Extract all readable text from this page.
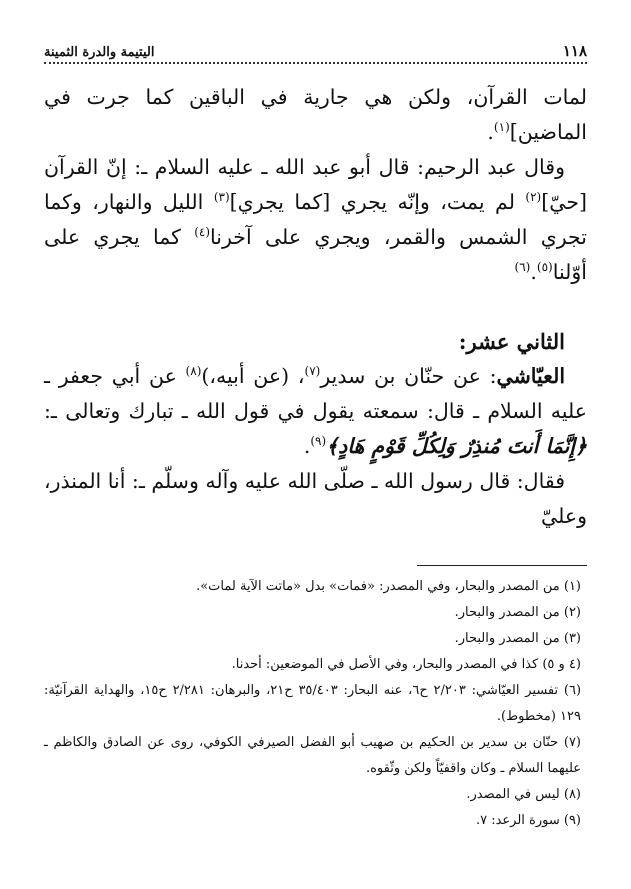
اليتيمة والدرة الثمينة	١١٨

لمات القرآن، ولكن هي جارية في الباقين كما جرت في الماضين]$^{(١)}$.

وقال عبد الرحيم: قال أبو عبد الله ـ عليه السلام ـ: إنّ القرآن [حيّ]$^{(٢)}$ لم يمت، وإنّه يجري [كما يجري]$^{(٣)}$ الليل والنهار، وكما تجري الشمس والقمر، ويجري على آخرنا$^{(٤)}$ كما يجري على أوّلنا$^{(٥)}$.$^{(٦)}$

الثاني عشر:

العيّاشي: عن حنّان بن سدير$^{(٧)}$، (عن أبيه،)$^{(٨)}$ عن أبي جعفر ـ عليه السلام ـ قال: سمعته يقول في قول الله ـ تبارك وتعالى ـ: ﴿إِنَّمَا أَنتَ مُنذِرٌ وَلِكُلِّ قَوْمٍ هَادٍ﴾$^{(٩)}$.

فقال: قال رسول الله ـ صلّى الله عليه وآله وسلّم ـ: أنا المنذر، وعليّ

(١) من المصدر والبحار، وفي المصدر: «فمات» بدل «ماتت الآية لمات».

(٢) من المصدر والبحار.

(٣) من المصدر والبحار.

(٤ و ٥) كذا في المصدر والبحار، وفي الأصل في الموضعين: أحدنا.

(٦) تفسير العيّاشي: ٢/٢٠٣ ح٦، عنه البحار: ٣٥/٤٠٣ ح٢١، والبرهان: ٢/٢٨١ ح١٥، والهداية القرآنيّة: ١٢٩ (مخطوط).

(٧) حنّان بن سدير بن الحكيم بن صهيب أبو الفضل الصيرفي الكوفي، روى عن الصادق والكاظم ـ عليهما السلام ـ وكان واقفيّاً ولكن وثّقوه.

(٨) ليس في المصدر.

(٩) سورة الرعد: ٧.
